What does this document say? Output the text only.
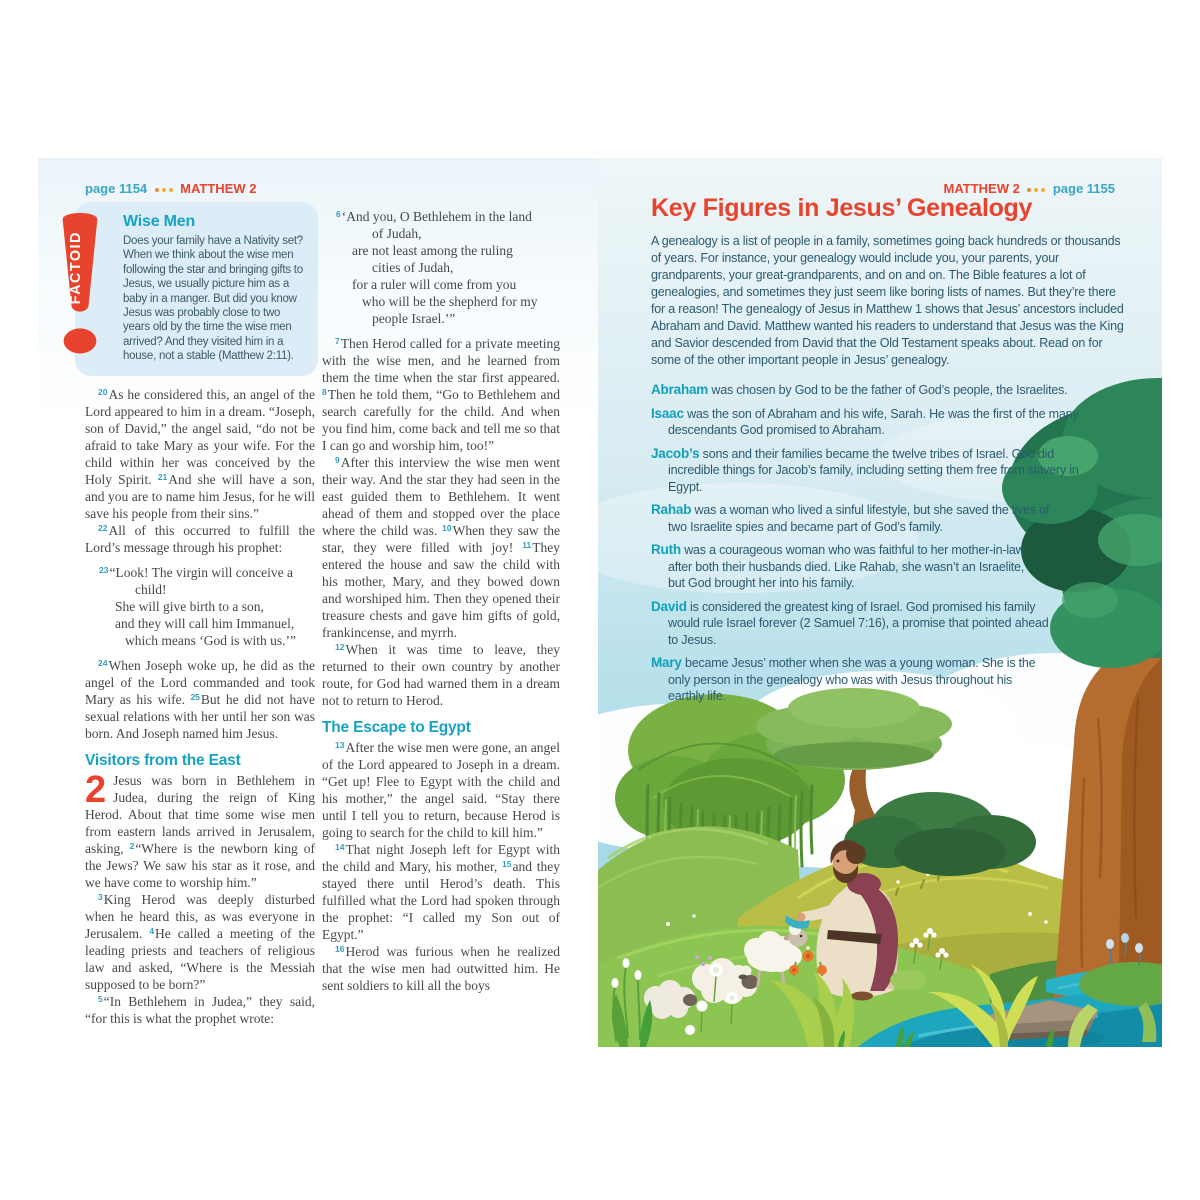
page 1154	MATTHEW 2
FACTOID
Wise Men

Does your family have a Nativity set? When we think about the wise men following the star and bringing gifts to Jesus, we usually picture him as a baby in a manger. But did you know Jesus was probably close to two years old by the time the wise men arrived? And they visited him in a house, not a stable (Matthew 2:11).

$^{20}$As he considered this, an angel of the Lord appeared to him in a dream. “Joseph, son of David,” the angel said, “do not be afraid to take Mary as your wife. For the child within her was conceived by the Holy Spirit. $^{21}$And she will have a son, and you are to name him Jesus, for he will save his people from their sins.”

$^{22}$All of this occurred to fulfill the Lord’s message through his prophet:

$^{23}$“Look! The virgin will conceive a
child!
She will give birth to a son,
and they will call him Immanuel,
which means ‘God is with us.’”

$^{24}$When Joseph woke up, he did as the angel of the Lord commanded and took Mary as his wife. $^{25}$But he did not have sexual relations with her until her son was born. And Joseph named him Jesus.

Visitors from the East

2 Jesus was born in Bethlehem in Judea, during the reign of King Herod. About that time some wise men from eastern lands arrived in Jerusalem, asking, $^2$“Where is the newborn king of the Jews? We saw his star as it rose, and we have come to worship him.”

$^3$King Herod was deeply disturbed when he heard this, as was everyone in Jerusalem. $^4$He called a meeting of the leading priests and teachers of religious law and asked, “Where is the Messiah supposed to be born?”

$^5$“In Bethlehem in Judea,” they said, “for this is what the prophet wrote:

$^6$‘And you, O Bethlehem in the land
of Judah,
are not least among the ruling
cities of Judah,
for a ruler will come from you
who will be the shepherd for my
people Israel.’”

$^7$Then Herod called for a private meeting with the wise men, and he learned from them the time when the star first appeared. $^8$Then he told them, “Go to Bethlehem and search carefully for the child. And when you find him, come back and tell me so that I can go and worship him, too!”

$^9$After this interview the wise men went their way. And the star they had seen in the east guided them to Bethlehem. It went ahead of them and stopped over the place where the child was. $^{10}$When they saw the star, they were filled with joy! $^{11}$They entered the house and saw the child with his mother, Mary, and they bowed down and worshiped him. Then they opened their treasure chests and gave him gifts of gold, frankincense, and myrrh.

$^{12}$When it was time to leave, they returned to their own country by another route, for God had warned them in a dream not to return to Herod.

The Escape to Egypt

$^{13}$After the wise men were gone, an angel of the Lord appeared to Joseph in a dream. “Get up! Flee to Egypt with the child and his mother,” the angel said. “Stay there until I tell you to return, because Herod is going to search for the child to kill him.”

$^{14}$That night Joseph left for Egypt with the child and Mary, his mother, $^{15}$and they stayed there until Herod’s death. This fulfilled what the Lord had spoken through the prophet: “I called my Son out of Egypt.”

$^{16}$Herod was furious when he realized that the wise men had outwitted him. He sent soldiers to kill all the boys

MATTHEW 2	page 1155
Key Figures in Jesus’ Genealogy

A genealogy is a list of people in a family, sometimes going back hundreds or thousands of years. For instance, your genealogy would include you, your parents, your grandparents, your great-grandparents, and on and on. The Bible features a lot of genealogies, and sometimes they just seem like boring lists of names. But they’re there for a reason! The genealogy of Jesus in Matthew 1 shows that Jesus’ ancestors included Abraham and David. Matthew wanted his readers to understand that Jesus was the King and Savior descended from David that the Old Testament speaks about. Read on for some of the other important people in Jesus’ genealogy.

Abraham was chosen by God to be the father of God’s people, the Israelites.
Isaac was the son of Abraham and his wife, Sarah. He was the first of the many descendants God promised to Abraham.
Jacob’s sons and their families became the twelve tribes of Israel. God did incredible things for Jacob’s family, including setting them free from slavery in Egypt.
Rahab was a woman who lived a sinful lifestyle, but she saved the lives of two Israelite spies and became part of God’s family.
Ruth was a courageous woman who was faithful to her mother-in-law after both their husbands died. Like Rahab, she wasn’t an Israelite, but God brought her into his family.
David is considered the greatest king of Israel. God promised his family would rule Israel forever (2 Samuel 7:16), a promise that pointed ahead to Jesus.
Mary became Jesus’ mother when she was a young woman. She is the only person in the genealogy who was with Jesus throughout his earthly life.
